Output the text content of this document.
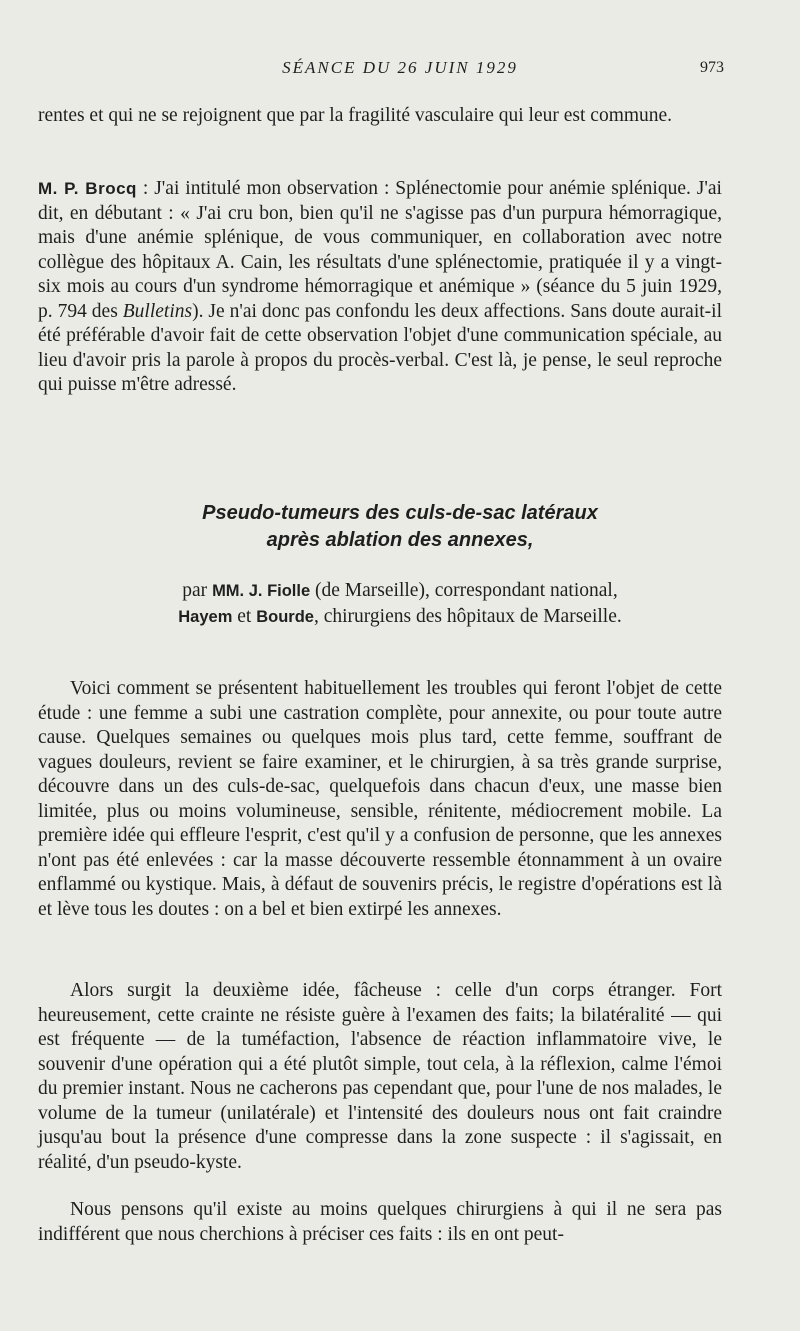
SÉANCE DU 26 JUIN 1929	973

rentes et qui ne se rejoignent que par la fragilité vasculaire qui leur est commune.

M. P. Brocq : J'ai intitulé mon observation : Splénectomie pour anémie splénique. J'ai dit, en débutant : « J'ai cru bon, bien qu'il ne s'agisse pas d'un purpura hémorragique, mais d'une anémie splénique, de vous communiquer, en collaboration avec notre collègue des hôpitaux A. Cain, les résultats d'une splénectomie, pratiquée il y a vingt-six mois au cours d'un syndrome hémorragique et anémique » (séance du 5 juin 1929, p. 794 des Bulletins). Je n'ai donc pas confondu les deux affections. Sans doute aurait-il été préférable d'avoir fait de cette observation l'objet d'une communication spéciale, au lieu d'avoir pris la parole à propos du procès-verbal. C'est là, je pense, le seul reproche qui puisse m'être adressé.

Pseudo-tumeurs des culs-de-sac latéraux
après ablation des annexes,
par MM. J. Fiolle (de Marseille), correspondant national,
Hayem et Bourde, chirurgiens des hôpitaux de Marseille.

Voici comment se présentent habituellement les troubles qui feront l'objet de cette étude : une femme a subi une castration complète, pour annexite, ou pour toute autre cause. Quelques semaines ou quelques mois plus tard, cette femme, souffrant de vagues douleurs, revient se faire examiner, et le chirurgien, à sa très grande surprise, découvre dans un des culs-de-sac, quelquefois dans chacun d'eux, une masse bien limitée, plus ou moins volumineuse, sensible, rénitente, médiocrement mobile. La première idée qui effleure l'esprit, c'est qu'il y a confusion de personne, que les annexes n'ont pas été enlevées : car la masse découverte ressemble étonnamment à un ovaire enflammé ou kystique. Mais, à défaut de souvenirs précis, le registre d'opérations est là et lève tous les doutes : on a bel et bien extirpé les annexes.

Alors surgit la deuxième idée, fâcheuse : celle d'un corps étranger. Fort heureusement, cette crainte ne résiste guère à l'examen des faits; la bilatéralité — qui est fréquente — de la tuméfaction, l'absence de réaction inflammatoire vive, le souvenir d'une opération qui a été plutôt simple, tout cela, à la réflexion, calme l'émoi du premier instant. Nous ne cacherons pas cependant que, pour l'une de nos malades, le volume de la tumeur (unilatérale) et l'intensité des douleurs nous ont fait craindre jusqu'au bout la présence d'une compresse dans la zone suspecte : il s'agissait, en réalité, d'un pseudo-kyste.

Nous pensons qu'il existe au moins quelques chirurgiens à qui il ne sera pas indifférent que nous cherchions à préciser ces faits : ils en ont peut-
